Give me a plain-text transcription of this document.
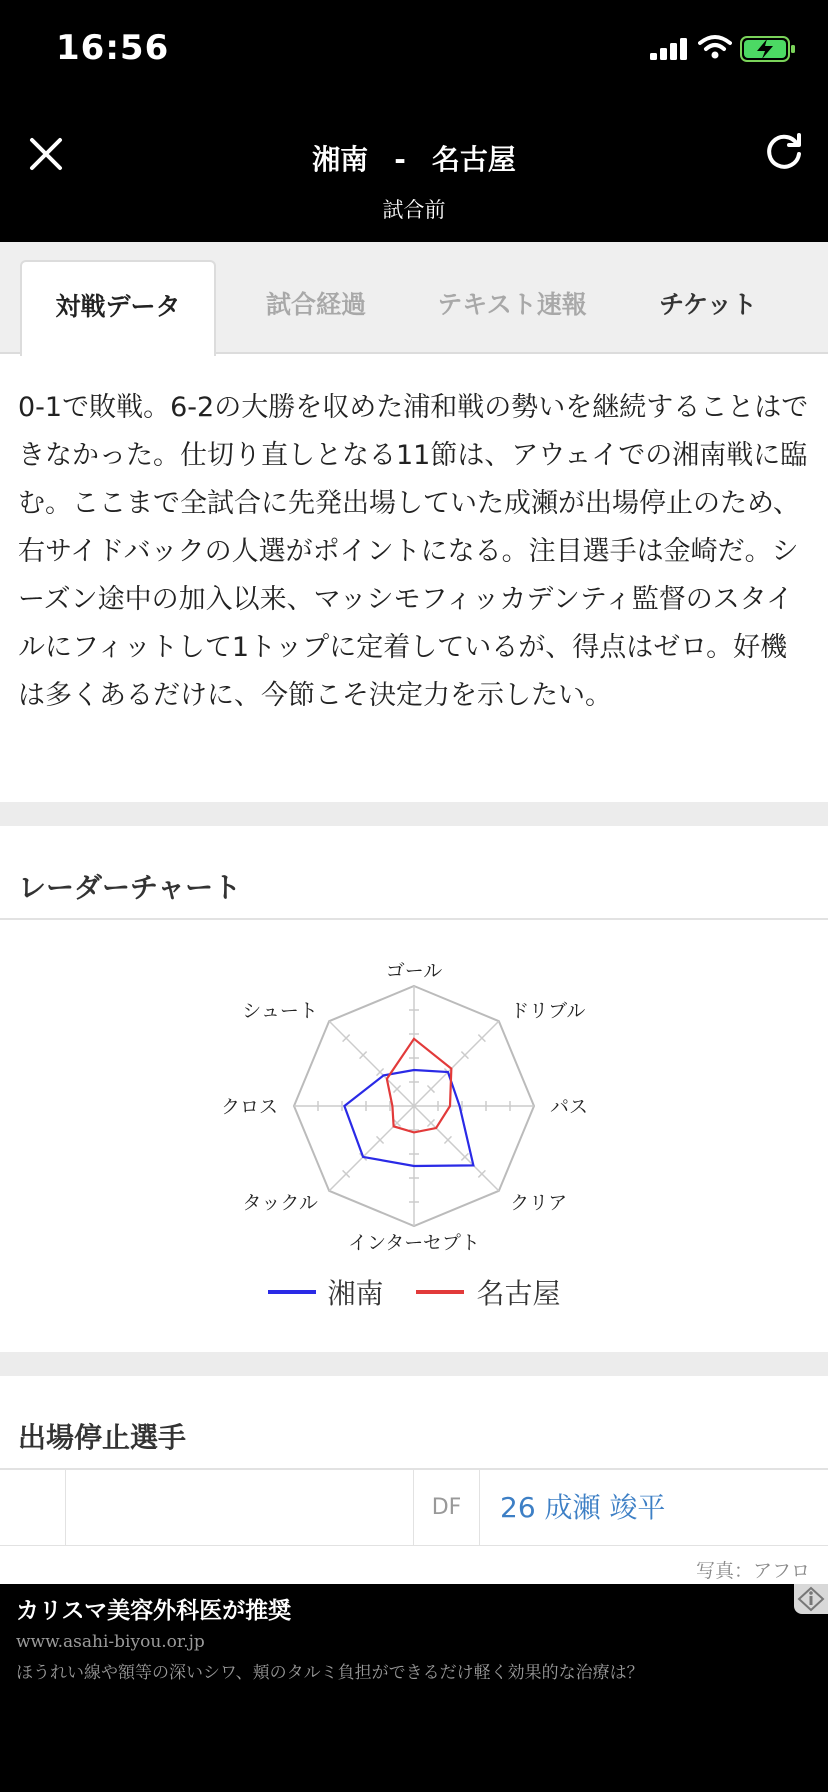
16:56
湘南 - 名古屋
試合前
対戦データ	試合経過	テキスト速報	チケット
0-1で敗戦。6-2の大勝を収めた浦和戦の勢いを継続することはできなかった。仕切り直しとなる11節は、アウェイでの湘南戦に臨む。ここまで全試合に先発出場していた成瀬が出場停止のため、右サイドバックの人選がポイントになる。注目選手は金崎だ。シーズン途中の加入以来、マッシモフィッカデンティ監督のスタイルにフィットして1トップに定着しているが、得点はゼロ。好機は多くあるだけに、今節こそ決定力を示したい。
レーダーチャート
ゴール
ドリブル
パス
クリア
インターセプト
タックル
クロス
シュート
湘南	名古屋
出場停止選手
DF	26 成瀬 竣平
写真：アフロ
カリスマ美容外科医が推奨
www.asahi-biyou.or.jp
ほうれい線や額等の深いシワ、頬のタルミ負担ができるだけ軽く効果的な治療は？
